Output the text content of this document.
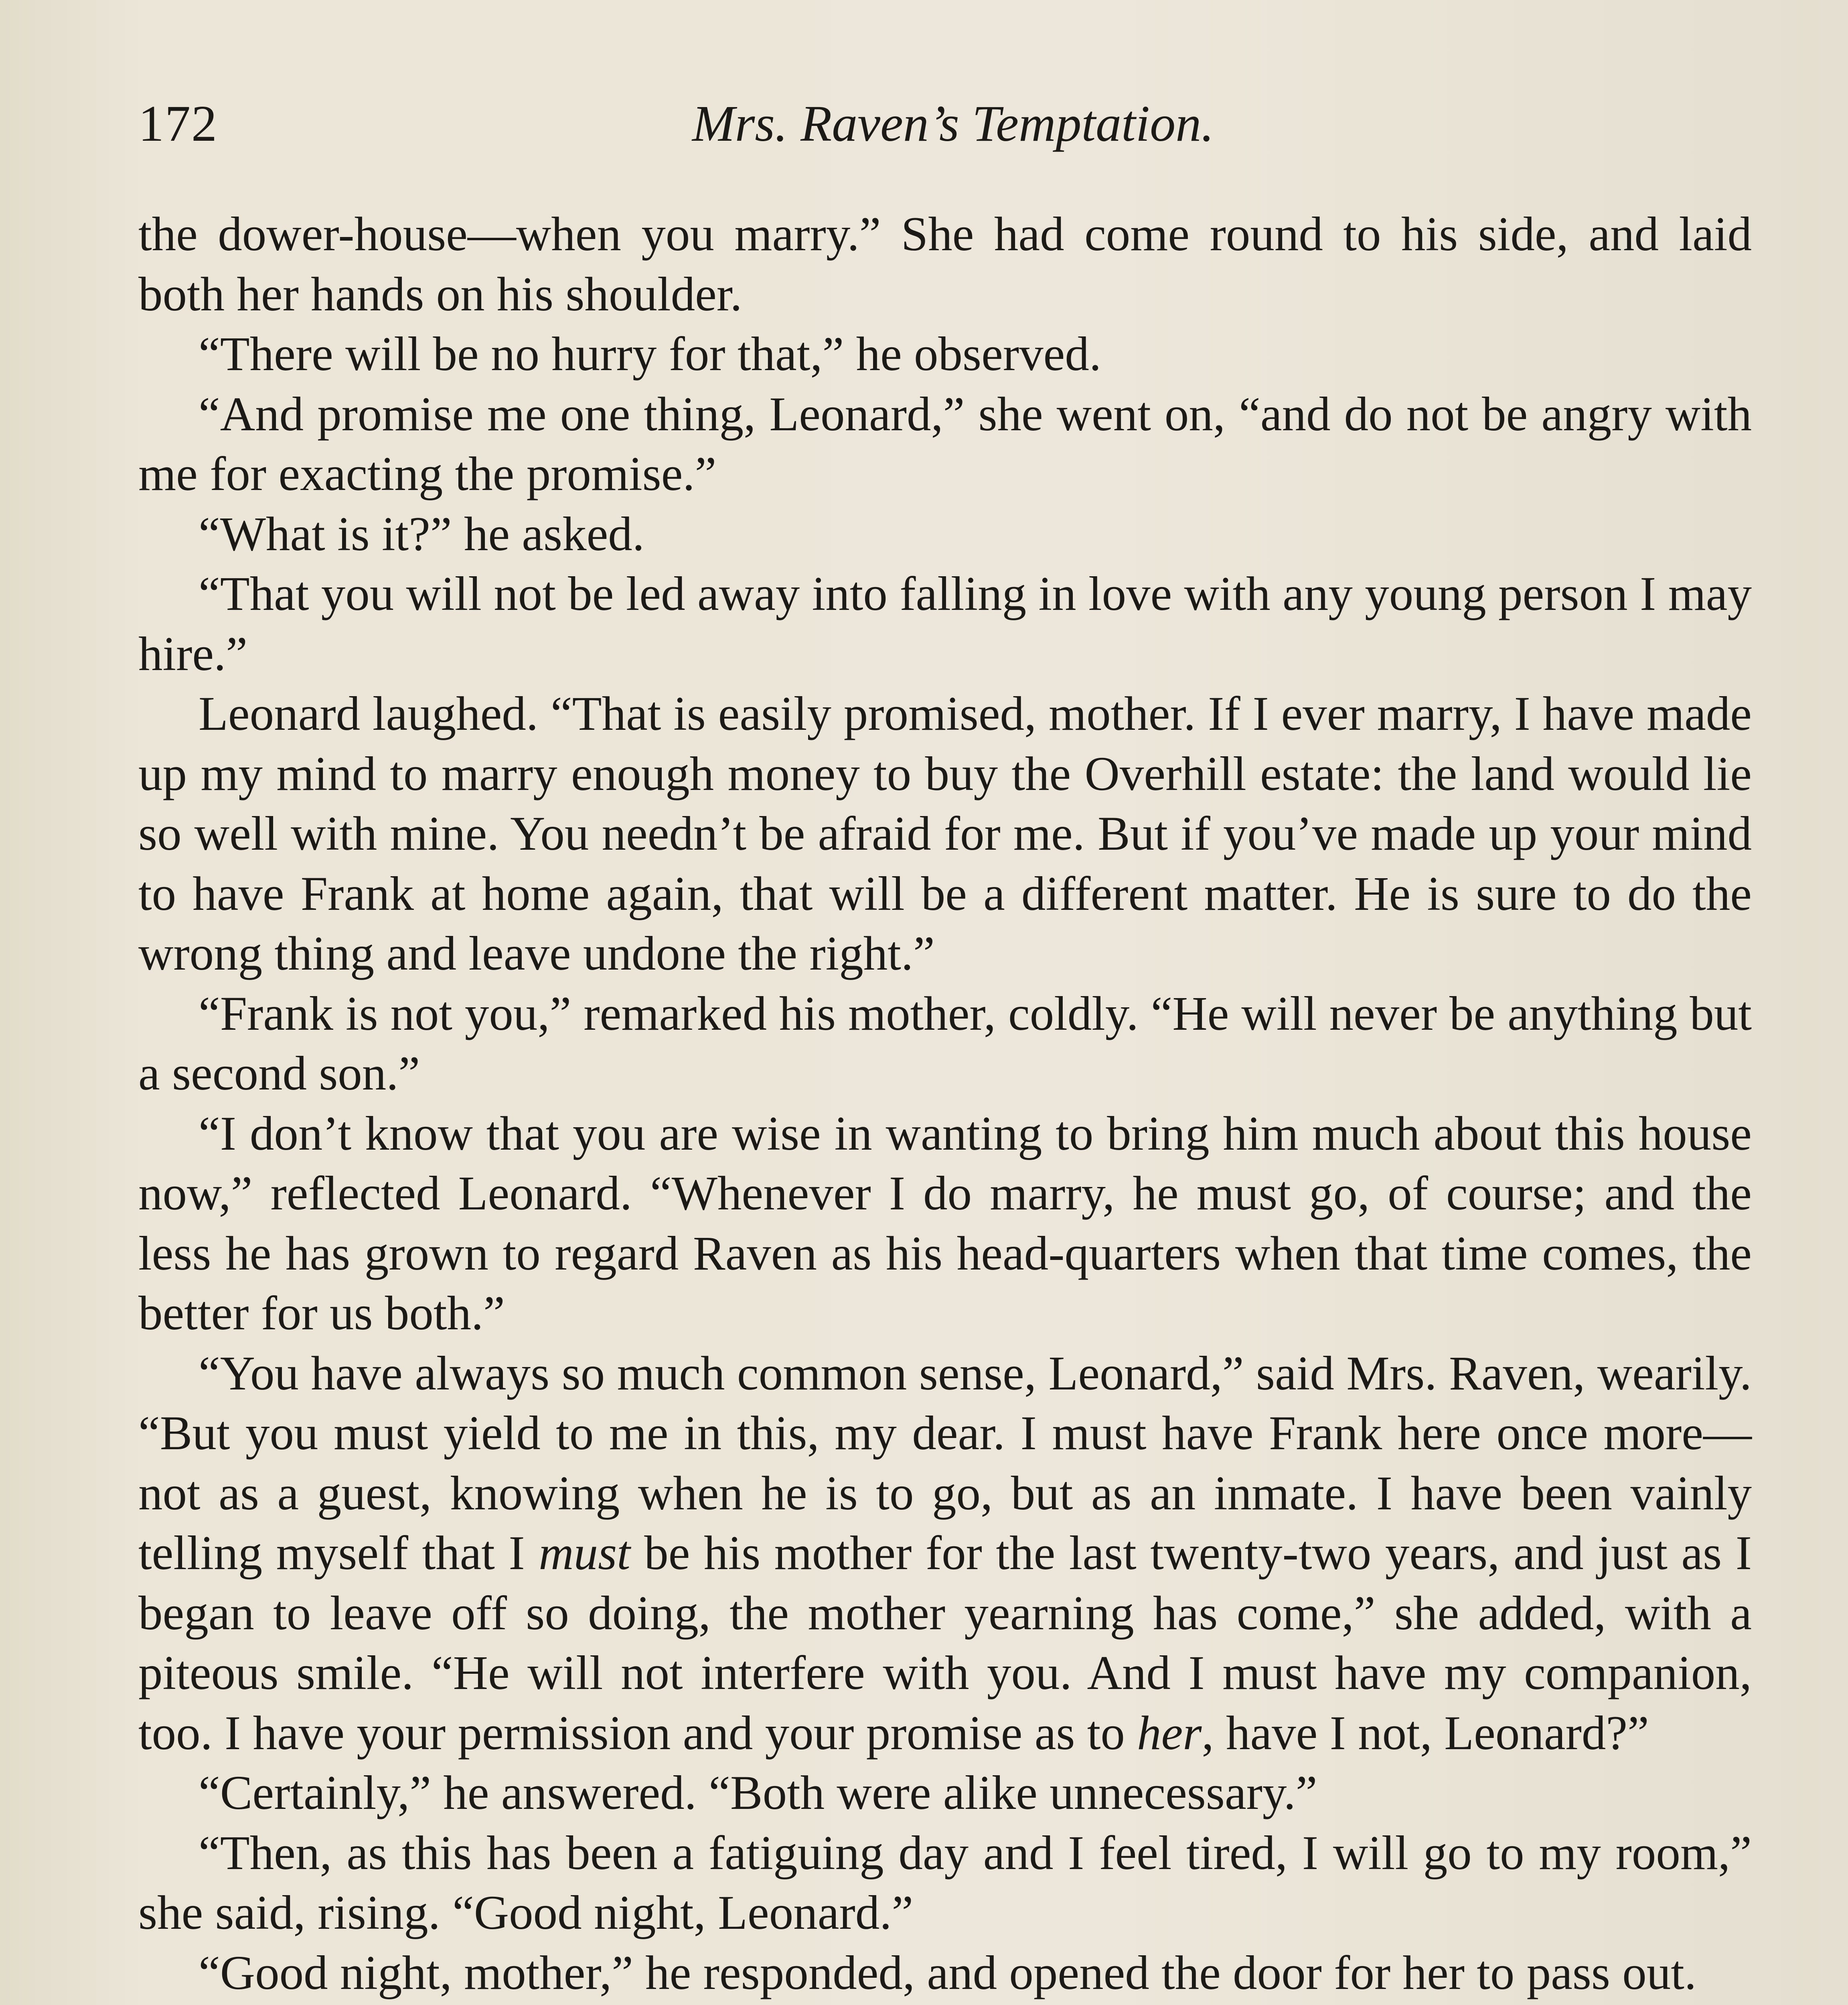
172	Mrs. Raven’s Temptation.

the dower-house—when you marry.” She had come round to his side, and laid both her hands on his shoulder.

“There will be no hurry for that,” he observed.

“And promise me one thing, Leonard,” she went on, “and do not be angry with me for exacting the promise.”

“What is it?” he asked.

“That you will not be led away into falling in love with any young person I may hire.”

Leonard laughed. “That is easily promised, mother. If I ever marry, I have made up my mind to marry enough money to buy the Overhill estate: the land would lie so well with mine. You needn’t be afraid for me. But if you’ve made up your mind to have Frank at home again, that will be a different matter. He is sure to do the wrong thing and leave undone the right.”

“Frank is not you,” remarked his mother, coldly. “He will never be anything but a second son.”

“I don’t know that you are wise in wanting to bring him much about this house now,” reflected Leonard. “Whenever I do marry, he must go, of course; and the less he has grown to regard Raven as his head-quarters when that time comes, the better for us both.”

“You have always so much common sense, Leonard,” said Mrs. Raven, wearily. “But you must yield to me in this, my dear. I must have Frank here once more—not as a guest, knowing when he is to go, but as an inmate. I have been vainly telling myself that I must be his mother for the last twenty-two years, and just as I began to leave off so doing, the mother yearning has come,” she added, with a piteous smile. “He will not interfere with you. And I must have my companion, too. I have your permission and your promise as to her, have I not, Leonard?”

“Certainly,” he answered. “Both were alike unnecessary.”

“Then, as this has been a fatiguing day and I feel tired, I will go to my room,” she said, rising. “Good night, Leonard.”

“Good night, mother,” he responded, and opened the door for her to pass out.
